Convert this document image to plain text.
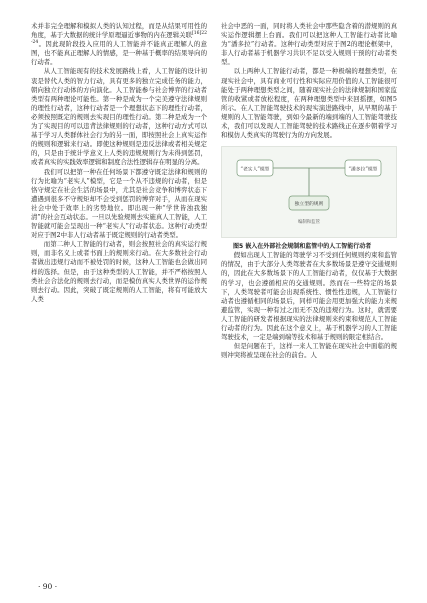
术并非完全理解和模拟人类的认知过程，而是从结果可用性的角度，基于大数据的统计学原理逼近事物的内在逻辑关联$^{[16]22-24}$。因此现阶段投入应用的人工智能并不能真正理解人的意图，也不能真正理解人的情感，是一种基于概率的结果导向的行动者。

从人工智能现有的技术发展路线上看，人工智能的设计初衷是替代人类的智力行动，具有更多的独立完成任务的能力，朝向独立行动体的方向演化。人工智能参与社会博弈的行动者类型有两种理论可能性。第一种是成为一个完美遵守法律规则的理性行动者，这种行动者是一个理想状态下的理性行动者，必须按照既定的规则去实现目的理性行动。第二种是成为一个为了实现目的可以违背法律规则的行动者，这种行动方式可以基于学习人类群体社会行为的另一面，即按照社会上真实运作的规则和逻辑来行动。即使这种规则是违反法律或者相关规定的，只是由于统计学意义上人类的违规规则行为未得到惩罚，或者真实的实践效率逻辑和制度合法性逻辑存在明显的分离。

我们可以把第一种在任何场景下都遵守既定法律和规则的行为比喻为“老实人”模型，它是一个从不违规的行动者，但是恪守规定在社会生活的场景中，尤其是社会竞争和博弈状态下遭遇到很多不守规矩却不会受到惩罚的博弈对手，从而在现实社会中处于效率上的劣势地位。即出现一种“学世皆浊我独清”的社会互动状态。一旦以先验规则去实施真人工智能，人工智能就可能会呈现出一种“老实人”行动者状态。这种行动类型对应于图2中非人行动者基于既定规则的行动者类型。

而第二种人工智能的行动者，则会按照社会的真实运行规则，而非名义上或者书面上的规则来行动。在大多数社会行动者做出违规行动而不被处罚的时候，这种人工智能也会做出同样的选择。但是，由于这种类型的人工智能，并不严格按照人类社会合法化的规则去行动，而是模仿真实人类世界的运作规则去行动。因此，突破了既定规则的人工智能，将有可能放大人类

社会中恶的一面，同时将人类社会中那些隐含着的潜规则的真实运作逻辑摆上台面。我们可以把这种人工智能行动者比喻为“潘多拉”行动者。这种行动类型对应于图2的理论框架中，非人行动者基于机器学习共识不足以受入规则干预的行动者类型。

以上两种人工智能行动者，都是一种极端的理想类型，在现实社会中，具有商业可行性和实际应用价值的人工智能很可能处于两种理想类型之间，随着现实社会的法律规制和国家监管的收紧或者放松程度，在两种理想类型中来回摇摆，如图5所示。在人工智能驾驶技术的现实演进路线中，从早期的基于规则的人工智能驾驶，到如今最新的端到端的人工智能驾驶技术，我们可以发现人工智能驾驶的技术路线正在逐步朝着学习和模仿人类真实的驾驶行为的方向发展。

“老实人”模型	“潘多拉”模型
独立型的规则
编制和监管

图5 嵌入在外部社会规制和监管中的人工智能行动者

假如出现人工智能的驾驶学习不受到任何规则约束和监管的情况，由于大部分人类驾驶者在大多数场景是遵守交通规则的，因此在大多数场景下的人工智能行动者，仅仅基于大数据的学习，也会遵循相应的交通规则。然而在一些特定的场景下，人类驾驶者可能会出现系统性、惯性性违规，人工智能行动者也遵循相同的场景后，同样可能会用更加强大的能力来规避监管，实现一种有过之而无不及的违规行为。这时，就需要人工智能的研发者根据现实的法律规则来约束和规范人工智能行动者的行为。因此在这个意义上，基于机器学习的人工智能驾驶技术，一定是端到端等技术和基于规则的限定相结合。

但是问题在于，这样一来人工智能在现实社会中面临的规则冲突将被呈现在社会的前台。人

· 90 ·
